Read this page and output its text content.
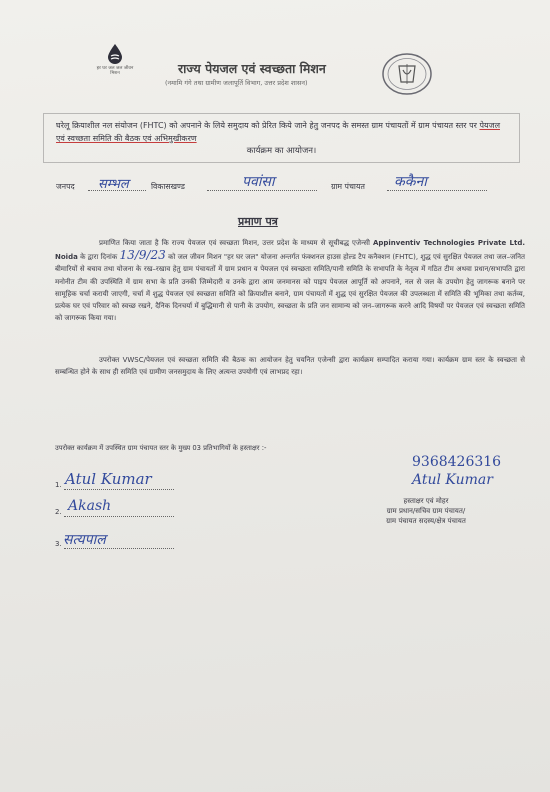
हर घर जल जल जीवन मिशन	राज्य पेयजल एवं स्वच्छता मिशन
(नमामि गंगे तथा ग्रामीण जलापूर्ति विभाग, उत्तर प्रदेश शासन)

घरेलू क्रियाशील नल संयोजन (FHTC) को अपनाने के लिये समुदाय को प्रेरित किये जाने हेतु जनपद के समस्त ग्राम पंचायतों में ग्राम पंचायत स्तर पर पेयजल एवं स्वच्छता समिति की बैठक एवं अभिमुखीकरण

कार्यक्रम का आयोजन।

जनपद सम्भल	विकासखण्ड	पवांसा	ग्राम पंचायत ककैना
प्रमाण पत्र
प्रमाणित किया जाता है कि राज्य पेयजल एवं स्वच्छता मिशन, उत्तर प्रदेश के माध्यम से सूचीबद्ध एजेन्सी Appinventiv Technologies Private Ltd. Noida के द्वारा दिनांक 13/9/23 को जल जीवन मिशन "हर घर जल" योजना अन्तर्गत फंक्शनल हाउस होल्ड टैप कनैक्शन (FHTC), शुद्ध एवं सुरक्षित पेयजल तथा जल–जनित बीमारियों से बचाव तथा योजना के रख–रखाव हेतु ग्राम पंचायतों में ग्राम प्रधान व पेयजल एवं स्वच्छता समिति/पानी समिति के सभापति के नेतृत्व में गठित टीम अथवा प्रधान/सभापति द्वारा मनोनीत टीम की उपस्थिति में ग्राम सभा के प्रति उनकी जिम्मेदारी व उनके द्वारा आम जनमानस को पाइप पेयजल आपूर्ति को अपनाने, नल से जल के उपयोग हेतु जागरूक बनाने पर सामूहिक चर्चा करायी जाएगी, चर्चा में शुद्ध पेयजल एवं स्वच्छता समिति को क्रियाशील बनाने, ग्राम पंचायतों में शुद्ध एवं सुरक्षित पेयजल की उपलब्धता में समिति की भूमिका तथा कर्तव्य, प्रत्येक घर एवं परिवार को स्वच्छ रखने, दैनिक दिनचर्या में बुद्धिमानी से पानी के उपयोग, स्वच्छता के प्रति जन सामान्य को जन–जागरूक करने आदि विषयों पर पेयजल एवं स्वच्छता समिति को जागरूक किया गया।
उपरोक्त VWSC/पेयजल एवं स्वच्छता समिति की बैठक का आयोजन हेतु चयनित एजेन्सी द्वारा कार्यक्रम सम्पादित कराया गया। कार्यक्रम ग्राम स्तर के स्वच्छता से सम्बन्धित होने के साथ ही समिति एवं ग्रामीण जनसमुदाय के लिए अत्यन्त उपयोगी एवं लाभप्रद रहा।
उपरोक्त कार्यक्रम में उपस्थित ग्राम पंचायत स्तर के मुख्य 03 प्रतिभागियों के हस्ताक्षर :-
1. Atul Kumar
2. Akash
3. सत्यपाल
9368426316
Atul Kumar
हस्ताक्षर एवं मोहर
ग्राम प्रधान/सचिव ग्राम पंचायत/
ग्राम पंचायत सदस्य/क्षेत्र पंचायत
